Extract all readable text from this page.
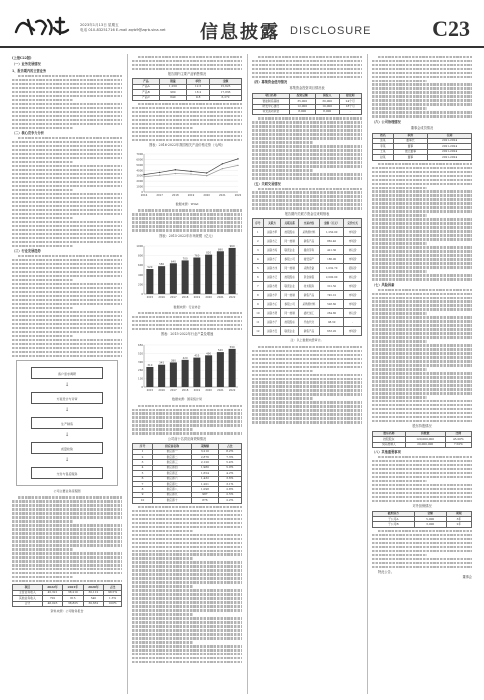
2023年1月13日 星期五
电话 010-83251716 E-mail zqrb9@zqrb.sina.net 信息披露 DISCLOSURE	C23

(上接C22版)

（一）业务发展情况

1、报告期内的主营业务

（二）核心竞争力分析

（三）行业发展趋势

客户需求调研
↓
方案设计与评审
↓
生产制造
↓
质量检验
↓
交付与售后服务
公司主要业务流程图
项目	2022年	2021年	2020年	占比
主营业务收入	45,321	38,210	30,112	98.5%
其他业务收入	702	615	540	1.5%
合计	46,023	38,825	30,652	100%
资料来源：公司财务报告
报告期内主要产品销售情况
产品	销量	单价	金额
产品A	1,250	12.5	15,625
产品B	980	18.2	17,836
产品C	640	9.8	6,272
图表：2016-2022年我国相关产品价格走势（元/吨）
0
1000
2000
3000
4000
5000
6000
7000
2016	2017	2018	2019	2020	2021	2022
数据来源：Wind
图表：2015-2022年市场规模（亿元）
0
200
400
600
800
1000
520
2015
580
2016
640
2017
700
2018
760
2019
820
2020
890
2021
960
2022
数据来源：行业协会
图表：2015-2022年行业产量及增速
0
130
260
390
520
650
310
2015
345
2016
380
2017
420
2018
455
2019
490
2020
540
2021
590
2022
数据来源：国家统计局
公司前十名供应商采购情况
序号	供应商名称	采购额	占比
1	供应商一	3,210	8.2%
2	供应商二	2,876	7.3%
3	供应商三	2,120	5.4%
4	供应商四	1,980	5.0%
5	供应商五	1,654	4.2%
6	供应商六	1,432	3.6%
7	供应商七	1,201	3.1%
8	供应商八	1,098	2.8%
9	供应商九	987	2.5%
10	供应商十	876	2.2%

（四）募集资金使用情况

募集资金投资项目情况表
项目名称	投资总额	拟投入	建设期
智能制造基地	35,000	30,000	24个月
研发中心建设	12,000	10,000	18个月
补充流动资金	8,000	8,000	-

（五）关联交易情况

报告期内关联方资金往来明细表
序号	关联方	关联关系	交易内容	金额（万元）	定价方式
1	关联方甲	控股股东	采购原材料	1,250.00	市场价
2	关联方乙	同一控制	销售产品	862.40	市场价
3	关联方丙	联营企业	提供劳务	421.30	协议价
4	关联方丁	参股公司	租赁房产	186.00	市场价
5	关联方戊	同一控制	采购设备	1,032.70	招标价
6	关联方己	控股股东	资金拆借	2,000.00	协议价
7	关联方庚	联营企业	技术服务	312.50	市场价
8	关联方辛	同一控制	销售产品	745.10	市场价
9	关联方壬	参股公司	采购原材料	528.60	市场价
10	关联方癸	同一控制	委托加工	264.80	协议价
11	关联方子	控股股东	代收代付	98.30	-
12	关联方丑	联营企业	销售产品	633.20	市场价
注：以上数据未经审计。

（六）公司治理情况

董事会成员情况
姓名	职务	任期
张某	董事长	2021-2024
李某	董事	2021-2024
王某	独立董事	2021-2024
赵某	董事	2021-2024

（七）风险因素

股东持股情况
股东名称	持股数	比例
控股股东	120,000,000	45.00%
实际控制人	20,000,000	7.50%

（八）其他重要事项

对外担保情况
被担保方	金额	期限
子公司A	5,000	3年
子公司B	3,000	2年

特此公告。

董事会
